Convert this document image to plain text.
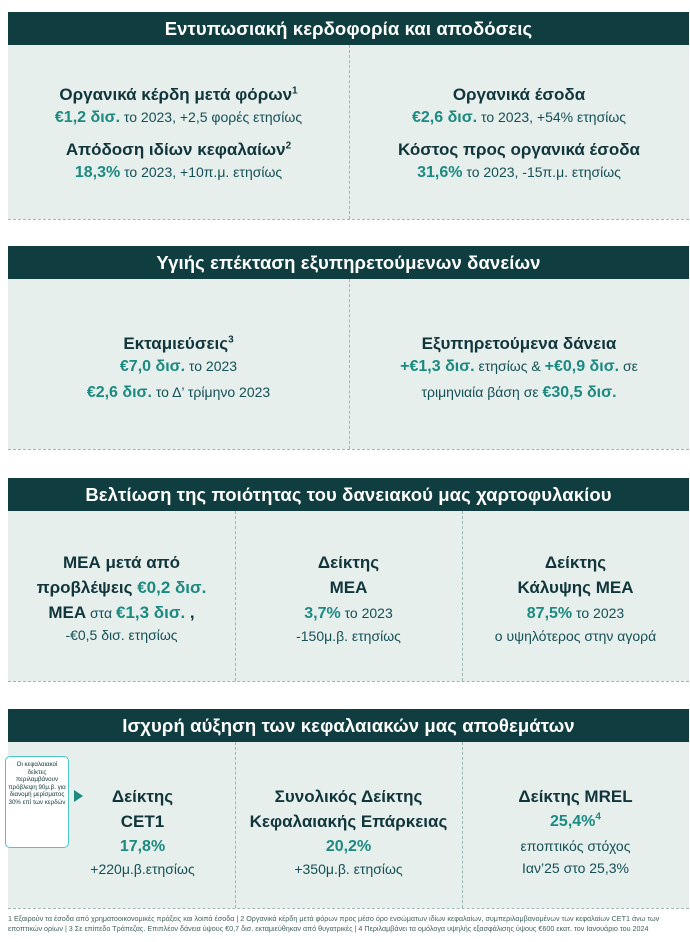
Εντυπωσιακή κερδοφορία και αποδόσεις
Οργανικά κέρδη μετά φόρων$^1$
€1,2 δισ. το 2023, +2,5 φορές ετησίως
Απόδοση ιδίων κεφαλαίων$^2$
18,3% το 2023, +10π.μ. ετησίως
Οργανικά έσοδα
€2,6 δισ. το 2023, +54% ετησίως
Κόστος προς οργανικά έσοδα
31,6% το 2023, -15π.μ. ετησίως
Υγιής επέκταση εξυπηρετούμενων δανείων
Εκταμιεύσεις$^3$
€7,0 δισ. το 2023
€2,6 δισ. το Δ’ τρίμηνο 2023
Εξυπηρετούμενα δάνεια
+€1,3 δισ. ετησίως & +€0,9 δισ. σε
τριμηνιαία βάση σε €30,5 δισ.
Βελτίωση της ποιότητας του δανειακού μας χαρτοφυλακίου
ΜΕΑ μετά από
προβλέψεις €0,2 δισ.
ΜΕΑ στα €1,3 δισ. ,
-€0,5 δισ. ετησίως
Δείκτης
ΜΕΑ
3,7% το 2023
-150μ.β. ετησίως
Δείκτης
Κάλυψης ΜΕΑ
87,5% το 2023
ο υψηλότερος στην αγορά
Ισχυρή αύξηση των κεφαλαιακών μας αποθεμάτων
Οι κεφαλαιακοί δείκτες περιλαμβάνουν πρόβλεψη 90μ.β. για διανομή μερίσματος 30% επί των κερδών	Δείκτης
CET1
17,8%
+220μ.β.ετησίως
Συνολικός Δείκτης
Κεφαλαιακής Επάρκειας
20,2%
+350μ.β. ετησίως
Δείκτης MREL
25,4%$^4$
εποπτικός στόχος
Ιαν’25 στο 25,3%
1 Εξαιρούν τα έσοδα από χρηματοοικονομικές πράξεις και λοιπά έσοδα | 2 Οργανικά κέρδη μετά φόρων προς μέσο όρο ενσώματων ιδίων κεφαλαίων, συμπεριλαμβανομένων των κεφαλαίων CET1 άνω των εποπτικών ορίων | 3 Σε επίπεδο Τράπεζας. Επιπλέον δάνεια ύψους €0,7 δισ. εκταμιεύθηκαν από θυγατρικές | 4 Περιλαμβάνει τα ομόλογα υψηλής εξασφάλισης ύψους €600 εκατ. τον Ιανουάριο του 2024
